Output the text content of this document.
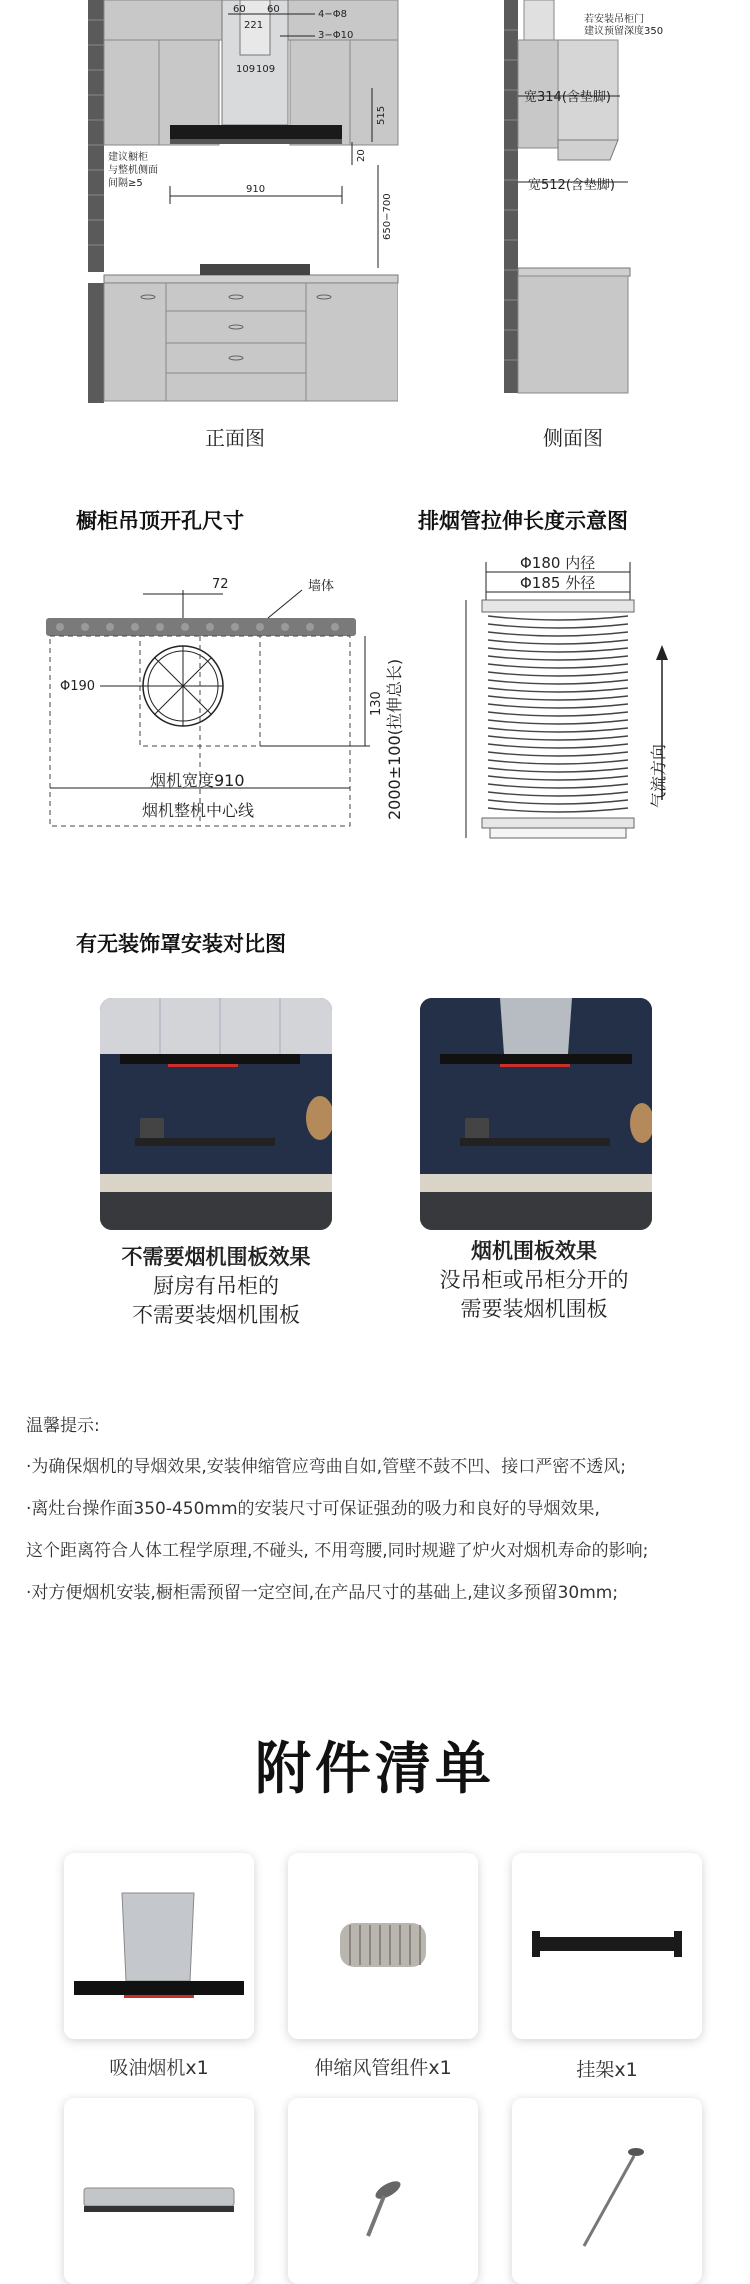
60 60
221
109 109
4−Φ8
3−Φ10
515
20
650−700
910
建议橱柜
与整机侧面
间隔≥5
正面图
若安装吊柜门
建议预留深度350
宽314(含垫脚)
宽512(含垫脚)
侧面图
橱柜吊顶开孔尺寸
72	墙体
Φ190
130
烟机宽度910
烟机整机中心线
排烟管拉伸长度示意图
Φ180 内径
Φ185 外径
2000±100(拉伸总长)	气流方向
有无装饰罩安装对比图
不需要烟机围板效果
厨房有吊柜的
不需要装烟机围板
烟机围板效果
没吊柜或吊柜分开的
需要装烟机围板
温馨提示:
·为确保烟机的导烟效果,安装伸缩管应弯曲自如,管壁不鼓不凹、接口严密不透风;
·离灶台操作面350-450mm的安装尺寸可保证强劲的吸力和良好的导烟效果,
这个距离符合人体工程学原理,不碰头, 不用弯腰,同时规避了炉火对烟机寿命的影响;
·对方便烟机安装,橱柜需预留一定空间,在产品尺寸的基础上,建议多预留30mm;
附件清单
吸油烟机x1	伸缩风管组件x1	挂架x1
